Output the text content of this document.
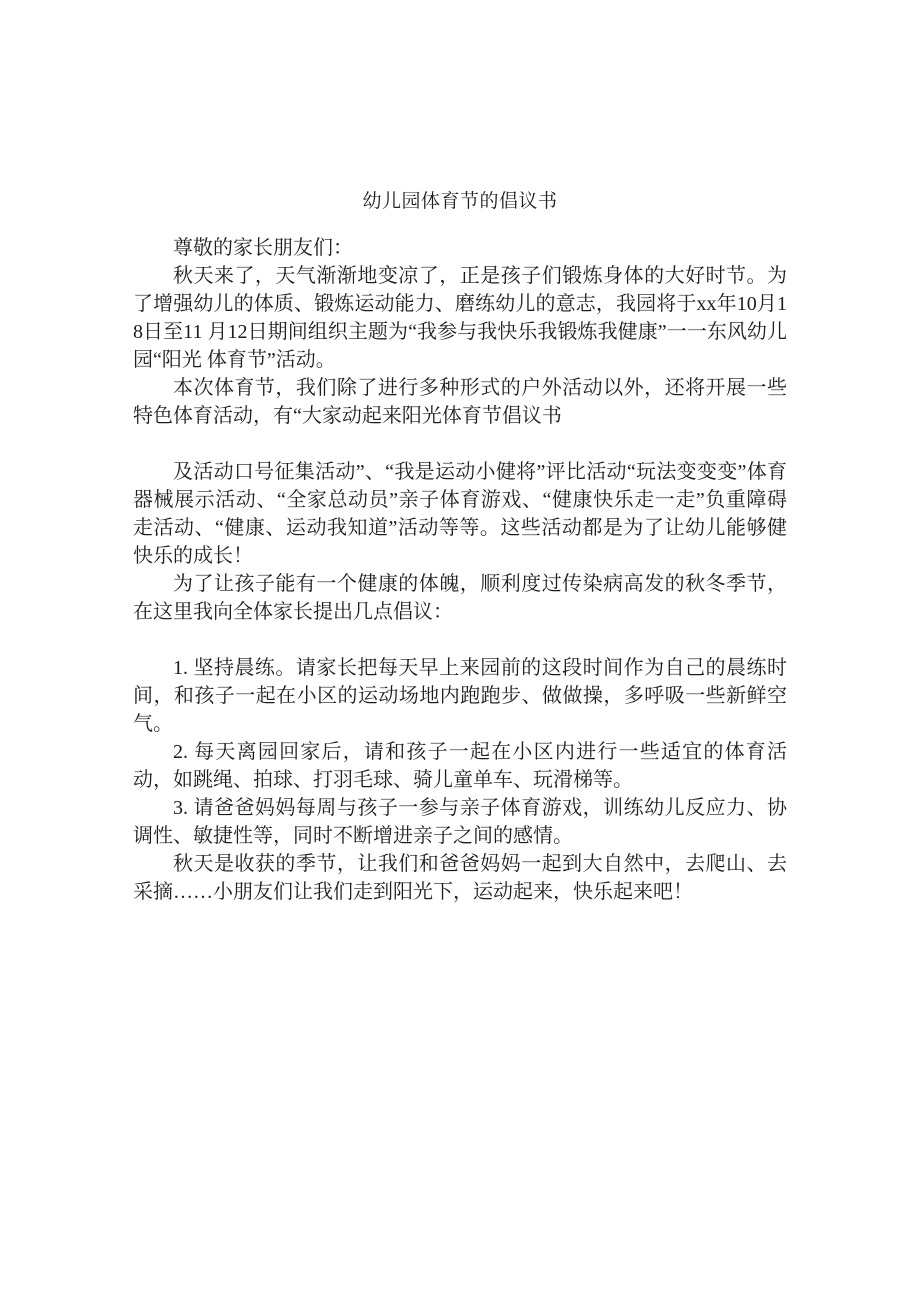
幼儿园体育节的倡议书

尊敬的家长朋友们：

秋天来了，天气渐渐地变凉了，正是孩子们锻炼身体的大好时节。为了增强幼儿的体质、锻炼运动能力、磨练幼儿的意志，我园将于xx年10月18日至11 月12日期间组织主题为“我参与我快乐我锻炼我健康”一一东风幼儿园“阳光 体育节”活动。

本次体育节，我们除了进行多种形式的户外活动以外，还将开展一些特色体育活动，有“大家动起来阳光体育节倡议书

及活动口号征集活动”、“我是运动小健将”评比活动“玩法变变变”体育器械展示活动、“全家总动员”亲子体育游戏、“健康快乐走一走”负重障碍走活动、“健康、运动我知道”活动等等。这些活动都是为了让幼儿能够健快乐的成长！

为了让孩子能有一个健康的体魄，顺利度过传染病高发的秋冬季节，在这里我向全体家长提出几点倡议：

1. 坚持晨练。请家长把每天早上来园前的这段时间作为自己的晨练时间，和孩子一起在小区的运动场地内跑跑步、做做操，多呼吸一些新鲜空气。

2. 每天离园回家后，请和孩子一起在小区内进行一些适宜的体育活动，如跳绳、拍球、打羽毛球、骑儿童单车、玩滑梯等。

3. 请爸爸妈妈每周与孩子一参与亲子体育游戏，训练幼儿反应力、协调性、敏捷性等，同时不断增进亲子之间的感情。

秋天是收获的季节，让我们和爸爸妈妈一起到大自然中，去爬山、去采摘……小朋友们让我们走到阳光下，运动起来，快乐起来吧！
